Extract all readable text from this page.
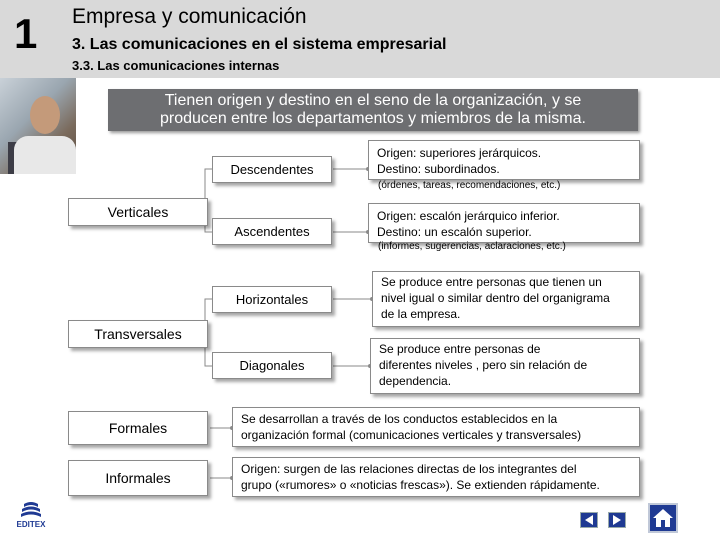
1 Empresa y comunicación
3. Las comunicaciones en el sistema empresarial
3.3. Las comunicaciones internas
Tienen origen y destino en el seno de la organización, y se
producen entre los departamentos y miembros de la misma.
Verticales
Transversales
Formales
Informales
Descendentes
Ascendentes
Horizontales
Diagonales
Origen: superiores jerárquicos.
Destino: subordinados.
(órdenes, tareas, recomendaciones, etc.)
Origen: escalón jerárquico inferior.
Destino: un escalón superior.
(informes, sugerencias, aclaraciones, etc.)
Se produce entre personas que tienen un
nivel igual o similar dentro del organigrama
de la empresa.
Se produce entre personas de
diferentes niveles , pero sin relación de
dependencia.
Se desarrollan a través de los conductos establecidos en la
organización formal (comunicaciones verticales y transversales)
Origen: surgen de las relaciones directas de los integrantes del
grupo («rumores» o «noticias frescas»). Se extienden rápidamente.
EDITEX
